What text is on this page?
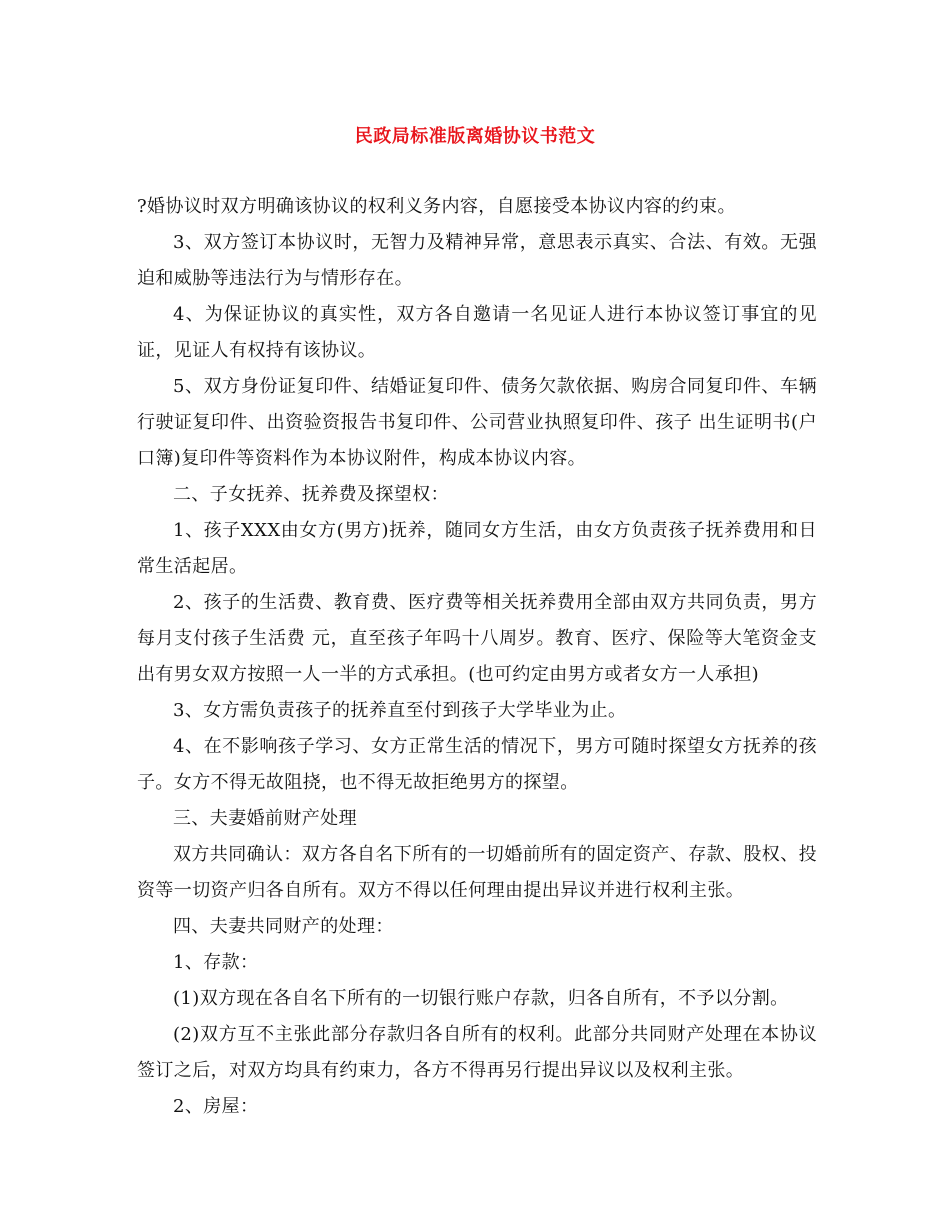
民政局标准版离婚协议书范文

?婚协议时双方明确该协议的权利义务内容，自愿接受本协议内容的约束。

3、双方签订本协议时，无智力及精神异常，意思表示真实、合法、有效。无强迫和威胁等违法行为与情形存在。

4、为保证协议的真实性，双方各自邀请一名见证人进行本协议签订事宜的见证，见证人有权持有该协议。

5、双方身份证复印件、结婚证复印件、债务欠款依据、购房合同复印件、车辆行驶证复印件、出资验资报告书复印件、公司营业执照复印件、孩子 出生证明书(户口簿)复印件等资料作为本协议附件，构成本协议内容。

二、子女抚养、抚养费及探望权：

1、孩子XXX由女方(男方)抚养，随同女方生活，由女方负责孩子抚养费用和日常生活起居。

2、孩子的生活费、教育费、医疗费等相关抚养费用全部由双方共同负责，男方每月支付孩子生活费 元，直至孩子年吗十八周岁。教育、医疗、保险等大笔资金支出有男女双方按照一人一半的方式承担。(也可约定由男方或者女方一人承担)

3、女方需负责孩子的抚养直至付到孩子大学毕业为止。

4、在不影响孩子学习、女方正常生活的情况下，男方可随时探望女方抚养的孩子。女方不得无故阻挠，也不得无故拒绝男方的探望。

三、夫妻婚前财产处理

双方共同确认：双方各自名下所有的一切婚前所有的固定资产、存款、股权、投资等一切资产归各自所有。双方不得以任何理由提出异议并进行权利主张。

四、夫妻共同财产的处理：

1、存款：

(1)双方现在各自名下所有的一切银行账户存款，归各自所有，不予以分割。

(2)双方互不主张此部分存款归各自所有的权利。此部分共同财产处理在本协议签订之后，对双方均具有约束力，各方不得再另行提出异议以及权利主张。

2、房屋：
